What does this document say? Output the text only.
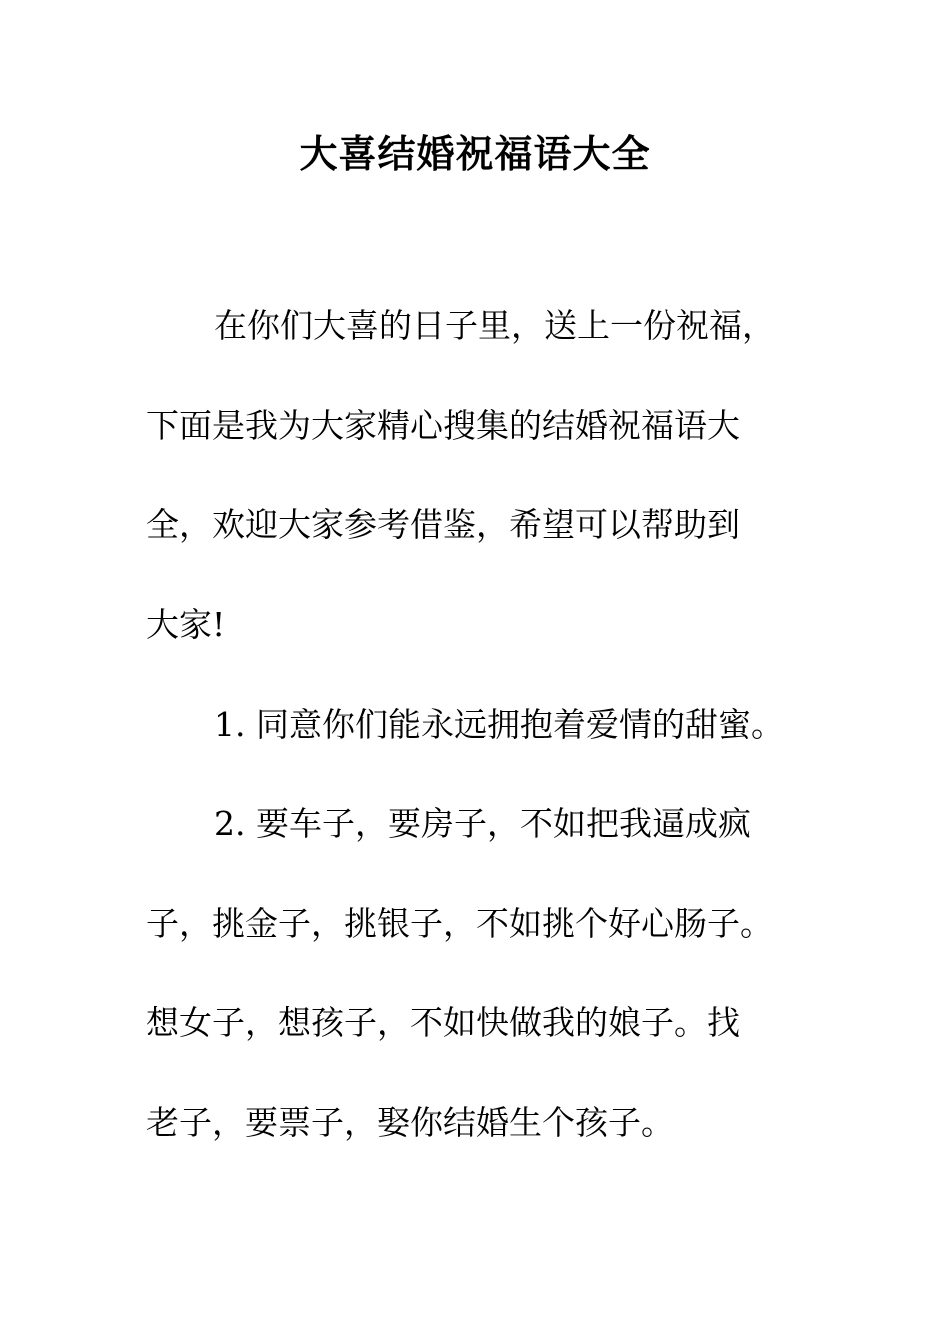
大喜结婚祝福语大全

在你们大喜的日子里，送上一份祝福，

下面是我为大家精心搜集的结婚祝福语大

全，欢迎大家参考借鉴，希望可以帮助到

大家!

1. 同意你们能永远拥抱着爱情的甜蜜。

2. 要车子，要房子，不如把我逼成疯

子，挑金子，挑银子，不如挑个好心肠子。

想女子，想孩子，不如快做我的娘子。找

老子，要票子，娶你结婚生个孩子。
